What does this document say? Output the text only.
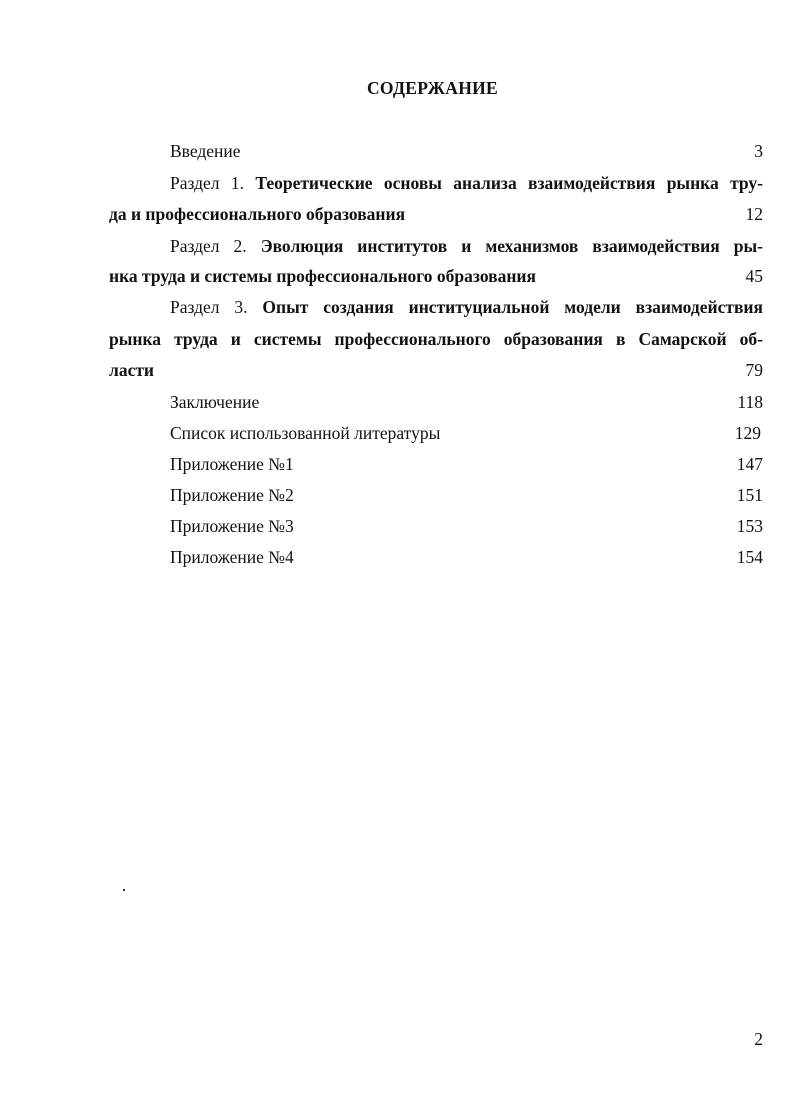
СОДЕРЖАНИЕ
Введение	3
Раздел 1. Теоретические основы анализа взаимодействия рынка тру-
да и профессионального образования	12
Раздел 2. Эволюция институтов и механизмов взаимодействия ры-
нка труда и системы профессионального образования	45
Раздел 3. Опыт создания институциальной модели взаимодействия
рынка труда и системы профессионального образования в Самарской об-
ласти	79
Заключение	118
Список использованной литературы	129
Приложение №1	147
Приложение №2	151
Приложение №3	153
Приложение №4	154
2
